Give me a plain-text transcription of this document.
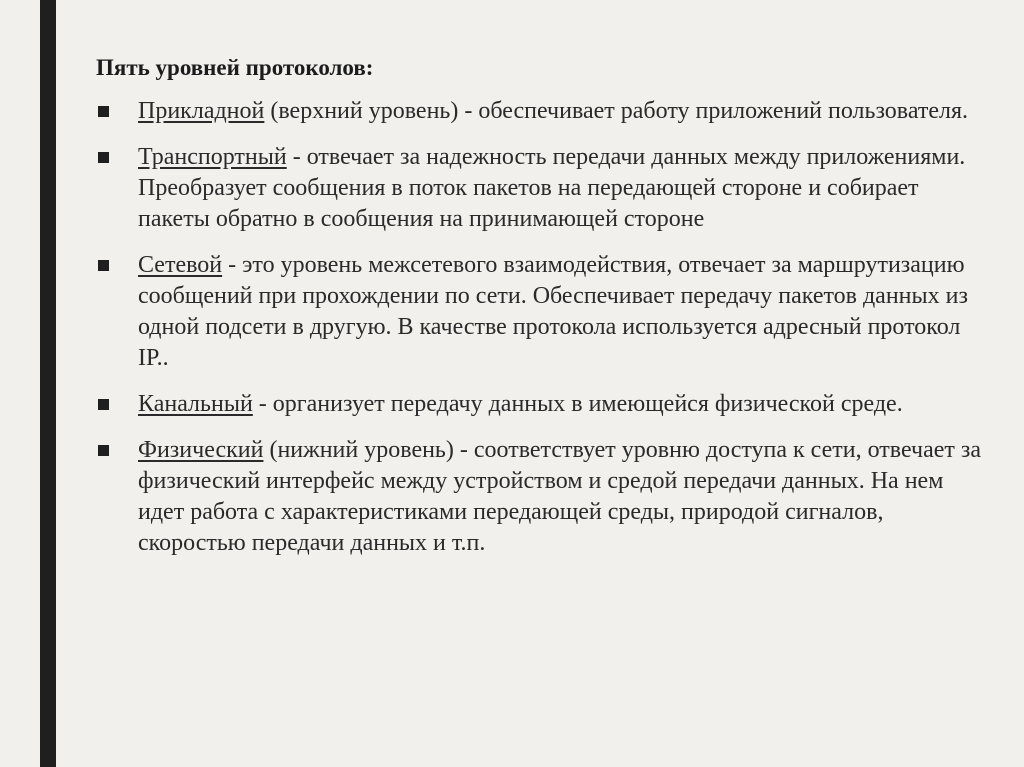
Пять уровней протоколов:
Прикладной (верхний уровень) - обеспечивает работу приложений пользователя.
Транспортный - отвечает за надежность передачи данных между приложениями. Преобразует сообщения в поток пакетов на передающей стороне и собирает пакеты обратно в сообщения на принимающей стороне
Сетевой - это уровень межсетевого взаимодействия, отвечает за маршрутизацию сообщений при прохождении по сети. Обеспечивает передачу пакетов данных из одной подсети в другую. В качестве протокола используется адресный протокол IP..
Канальный - организует передачу данных в имеющейся физической среде.
Физический (нижний уровень) - соответствует уровню доступа к сети, отвечает за физический интерфейс между устройством и средой передачи данных. На нем идет работа с характеристиками передающей среды, природой сигналов, скоростью передачи данных и т.п.
